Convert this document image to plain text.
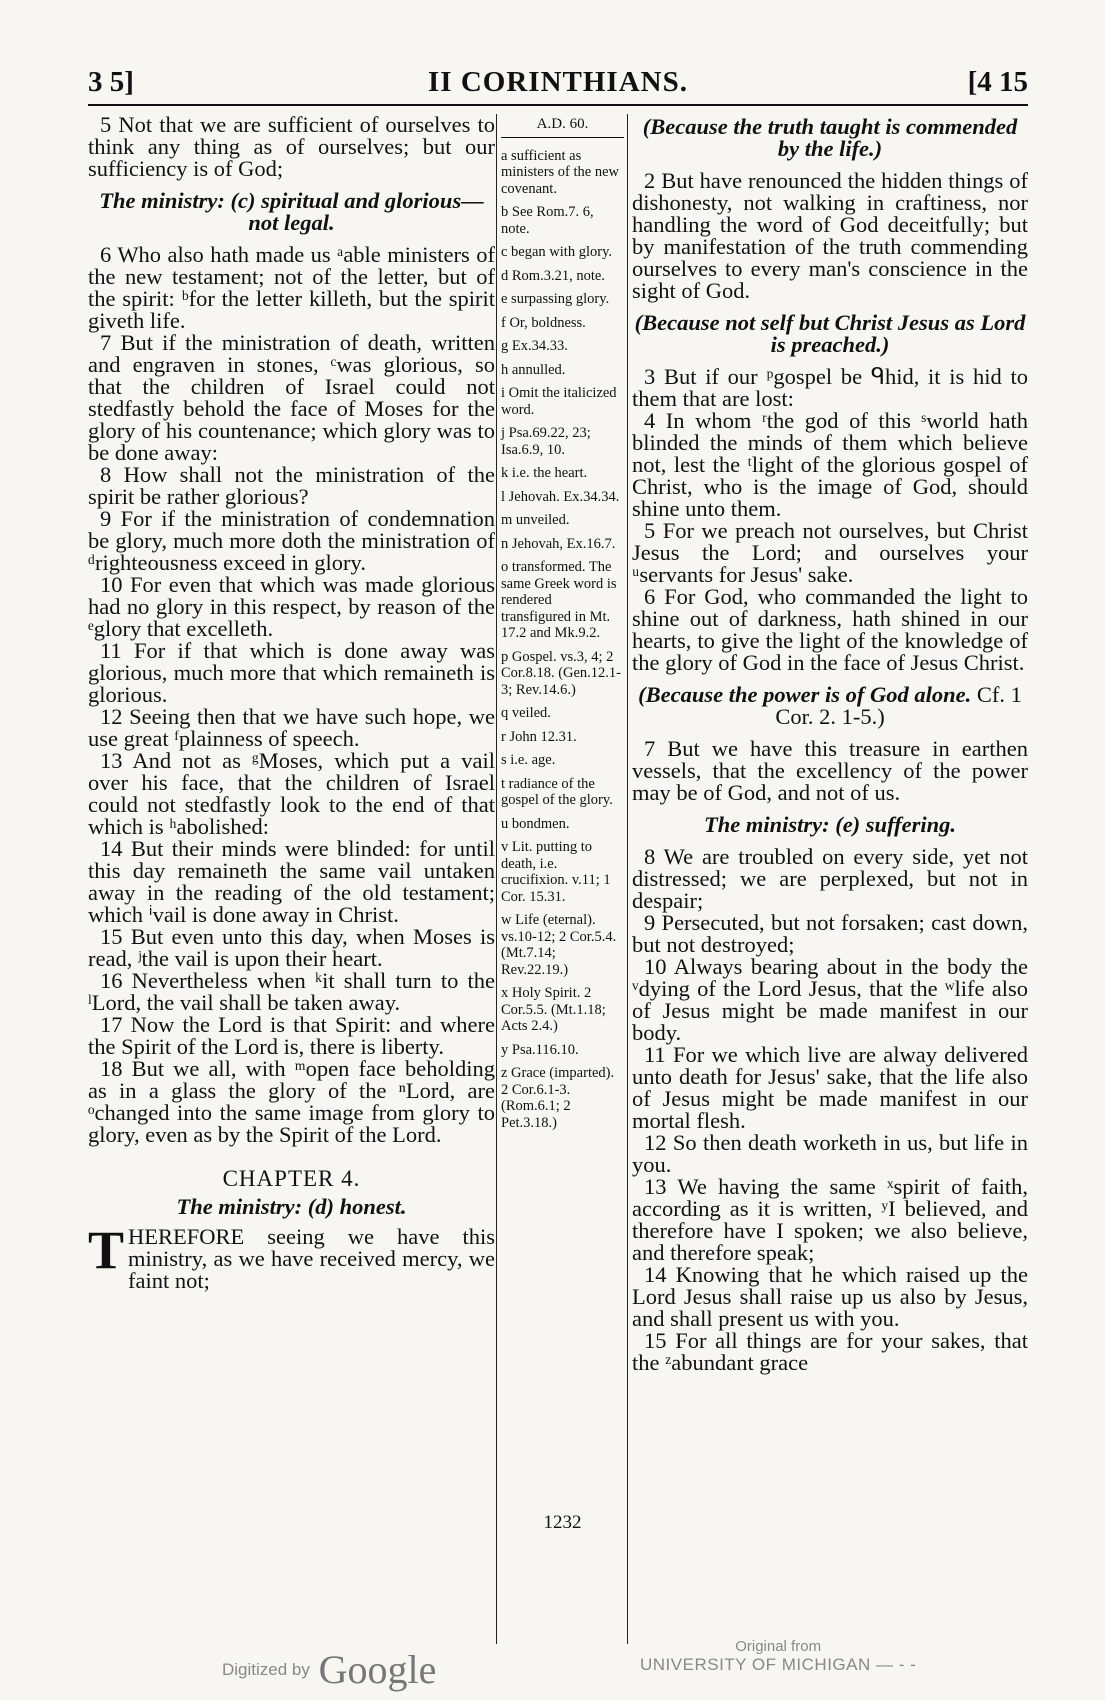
3 5]	II CORINTHIANS.	[4 15

5 Not that we are sufficient of ourselves to think any thing as of ourselves; but our sufficiency is of God;

The ministry: (c) spiritual and glorious—not legal.

6 Who also hath made us ᵃable ministers of the new testament; not of the letter, but of the spirit: ᵇfor the letter killeth, but the spirit giveth life.

7 But if the ministration of death, written and engraven in stones, ᶜwas glorious, so that the children of Israel could not stedfastly behold the face of Moses for the glory of his countenance; which glory was to be done away:

8 How shall not the ministration of the spirit be rather glorious?

9 For if the ministration of condemnation be glory, much more doth the ministration of ᵈrighteousness exceed in glory.

10 For even that which was made glorious had no glory in this respect, by reason of the ᵉglory that excelleth.

11 For if that which is done away was glorious, much more that which remaineth is glorious.

12 Seeing then that we have such hope, we use great ᶠplainness of speech.

13 And not as ᵍMoses, which put a vail over his face, that the children of Israel could not stedfastly look to the end of that which is ʰabolished:

14 But their minds were blinded: for until this day remaineth the same vail untaken away in the reading of the old testament; which ⁱvail is done away in Christ.

15 But even unto this day, when Moses is read, ʲthe vail is upon their heart.

16 Nevertheless when ᵏit shall turn to the ˡLord, the vail shall be taken away.

17 Now the Lord is that Spirit: and where the Spirit of the Lord is, there is liberty.

18 But we all, with ᵐopen face beholding as in a glass the glory of the ⁿLord, are ᵒchanged into the same image from glory to glory, even as by the Spirit of the Lord.

CHAPTER 4.

The ministry: (d) honest.

THEREFORE seeing we have this ministry, as we have received mercy, we faint not;

A.D. 60.
a sufficient as ministers of the new covenant.
b See Rom.7. 6, note.
c began with glory.
d Rom.3.21, note.
e surpassing glory.
f Or, boldness.
g Ex.34.33.
h annulled.
i Omit the italicized word.
j Psa.69.22, 23; Isa.6.9, 10.
k i.e. the heart.
l Jehovah. Ex.34.34.
m unveiled.
n Jehovah, Ex.16.7.
o transformed. The same Greek word is rendered transfigured in Mt. 17.2 and Mk.9.2.
p Gospel. vs.3, 4; 2 Cor.8.18. (Gen.12.1-3; Rev.14.6.)
q veiled.
r John 12.31.
s i.e. age.
t radiance of the gospel of the glory.
u bondmen.
v Lit. putting to death, i.e. crucifixion. v.11; 1 Cor. 15.31.
w Life (eternal). vs.10-12; 2 Cor.5.4. (Mt.7.14; Rev.22.19.)
x Holy Spirit. 2 Cor.5.5. (Mt.1.18; Acts 2.4.)
y Psa.116.10.
z Grace (imparted). 2 Cor.6.1-3. (Rom.6.1; 2 Pet.3.18.)
1232

(Because the truth taught is commended by the life.)

2 But have renounced the hidden things of dishonesty, not walking in craftiness, nor handling the word of God deceitfully; but by manifestation of the truth commending ourselves to every man's conscience in the sight of God.

(Because not self but Christ Jesus as Lord is preached.)

3 But if our ᵖgospel be ᑫhid, it is hid to them that are lost:

4 In whom ʳthe god of this ˢworld hath blinded the minds of them which believe not, lest the ᵗlight of the glorious gospel of Christ, who is the image of God, should shine unto them.

5 For we preach not ourselves, but Christ Jesus the Lord; and ourselves your ᵘservants for Jesus' sake.

6 For God, who commanded the light to shine out of darkness, hath shined in our hearts, to give the light of the knowledge of the glory of God in the face of Jesus Christ.

(Because the power is of God alone. Cf. 1 Cor. 2. 1-5.)

7 But we have this treasure in earthen vessels, that the excellency of the power may be of God, and not of us.

The ministry: (e) suffering.

8 We are troubled on every side, yet not distressed; we are perplexed, but not in despair;

9 Persecuted, but not forsaken; cast down, but not destroyed;

10 Always bearing about in the body the ᵛdying of the Lord Jesus, that the ʷlife also of Jesus might be made manifest in our body.

11 For we which live are alway delivered unto death for Jesus' sake, that the life also of Jesus might be made manifest in our mortal flesh.

12 So then death worketh in us, but life in you.

13 We having the same ˣspirit of faith, according as it is written, ʸI believed, and therefore have I spoken; we also believe, and therefore speak;

14 Knowing that he which raised up the Lord Jesus shall raise up us also by Jesus, and shall present us with you.

15 For all things are for your sakes, that the ᶻabundant grace

Digitized by Google
Original from
UNIVERSITY OF MICHIGAN — - -
